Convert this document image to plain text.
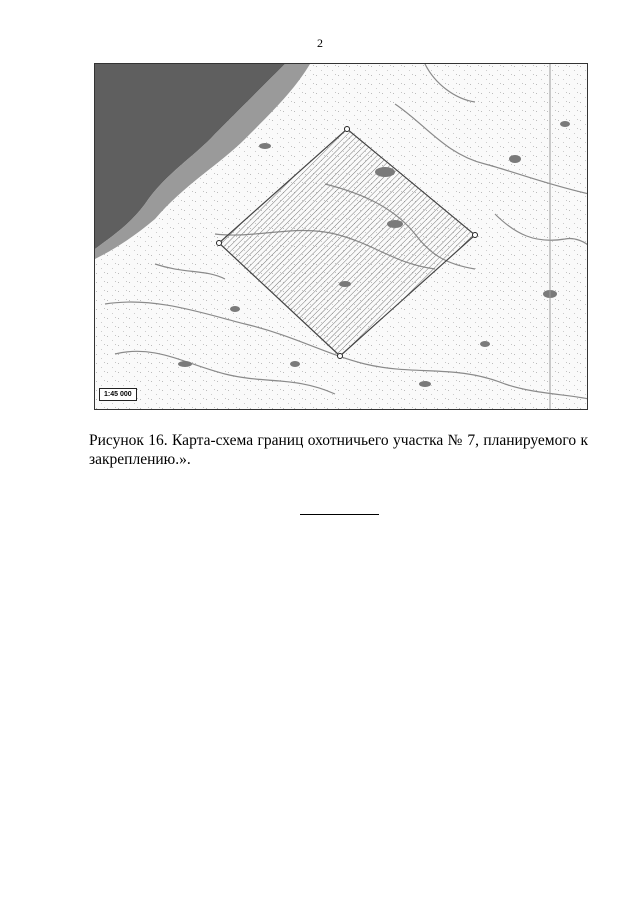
2
1:45 000
Рисунок 16. Карта-схема границ охотничьего участка № 7, планируемого к закреплению.».
